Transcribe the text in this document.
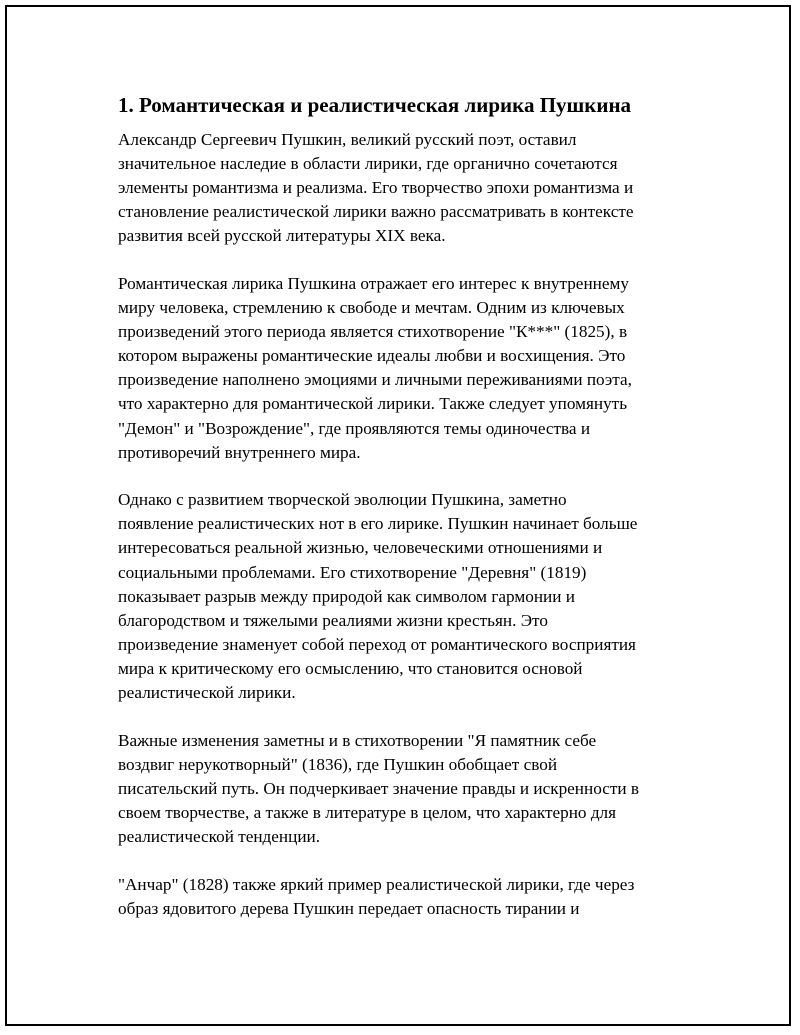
1. Романтическая и реалистическая лирика Пушкина
Александр Сергеевич Пушкин, великий русский поэт, оставил
значительное наследие в области лирики, где органично сочетаются
элементы романтизма и реализма. Его творчество эпохи романтизма и
становление реалистической лирики важно рассматривать в контексте
развития всей русской литературы XIX века.
Романтическая лирика Пушкина отражает его интерес к внутреннему
миру человека, стремлению к свободе и мечтам. Одним из ключевых
произведений этого периода является стихотворение "К***" (1825), в
котором выражены романтические идеалы любви и восхищения. Это
произведение наполнено эмоциями и личными переживаниями поэта,
что характерно для романтической лирики. Также следует упомянуть
"Демон" и "Возрождение", где проявляются темы одиночества и
противоречий внутреннего мира.
Однако с развитием творческой эволюции Пушкина, заметно
появление реалистических нот в его лирике. Пушкин начинает больше
интересоваться реальной жизнью, человеческими отношениями и
социальными проблемами. Его стихотворение "Деревня" (1819)
показывает разрыв между природой как символом гармонии и
благородством и тяжелыми реалиями жизни крестьян. Это
произведение знаменует собой переход от романтического восприятия
мира к критическому его осмыслению, что становится основой
реалистической лирики.
Важные изменения заметны и в стихотворении "Я памятник себе
воздвиг нерукотворный" (1836), где Пушкин обобщает свой
писательский путь. Он подчеркивает значение правды и искренности в
своем творчестве, а также в литературе в целом, что характерно для
реалистической тенденции.
"Анчар" (1828) также яркий пример реалистической лирики, где через
образ ядовитого дерева Пушкин передает опасность тирании и
